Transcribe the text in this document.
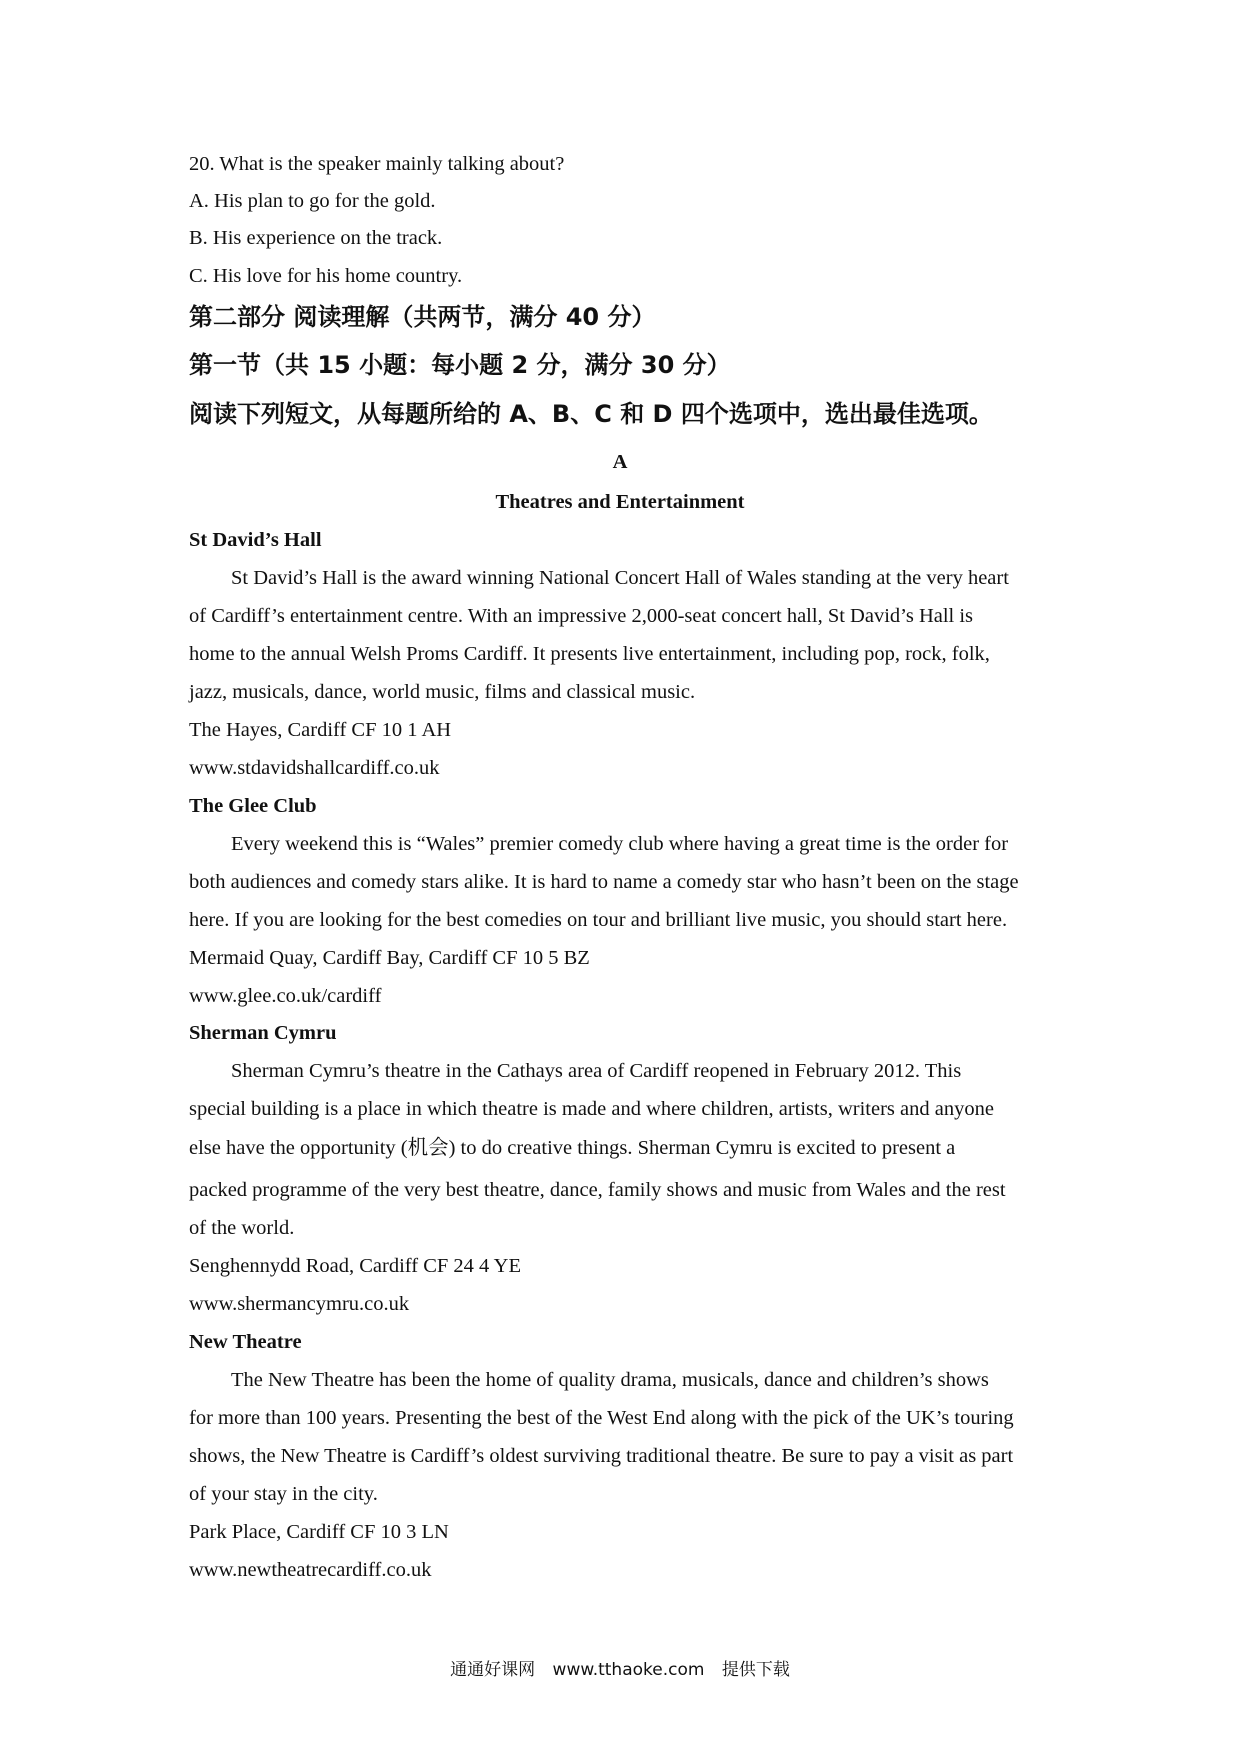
20. What is the speaker mainly talking about?
A. His plan to go for the gold.
B. His experience on the track.
C. His love for his home country.
第二部分 阅读理解（共两节，满分 40 分）
第一节（共 15 小题：每小题 2 分，满分 30 分）
阅读下列短文，从每题所给的 A、B、C 和 D 四个选项中，选出最佳选项。
A
Theatres and Entertainment
St David’s Hall
St David’s Hall is the award winning National Concert Hall of Wales standing at the very heart
of Cardiff’s entertainment centre. With an impressive 2,000-seat concert hall, St David’s Hall is
home to the annual Welsh Proms Cardiff. It presents live entertainment, including pop, rock, folk,
jazz, musicals, dance, world music, films and classical music.
The Hayes, Cardiff CF 10 1 AH
www.stdavidshallcardiff.co.uk
The Glee Club
Every weekend this is “Wales” premier comedy club where having a great time is the order for
both audiences and comedy stars alike. It is hard to name a comedy star who hasn’t been on the stage
here. If you are looking for the best comedies on tour and brilliant live music, you should start here.
Mermaid Quay, Cardiff Bay, Cardiff CF 10 5 BZ
www.glee.co.uk/cardiff
Sherman Cymru
Sherman Cymru’s theatre in the Cathays area of Cardiff reopened in February 2012. This
special building is a place in which theatre is made and where children, artists, writers and anyone
else have the opportunity (机会) to do creative things. Sherman Cymru is excited to present a
packed programme of the very best theatre, dance, family shows and music from Wales and the rest
of the world.
Senghennydd Road, Cardiff CF 24 4 YE
www.shermancymru.co.uk
New Theatre
The New Theatre has been the home of quality drama, musicals, dance and children’s shows
for more than 100 years. Presenting the best of the West End along with the pick of the UK’s touring
shows, the New Theatre is Cardiff’s oldest surviving traditional theatre. Be sure to pay a visit as part
of your stay in the city.
Park Place, Cardiff CF 10 3 LN
www.newtheatrecardiff.co.uk
通通好课网 www.tthaoke.com 提供下载
